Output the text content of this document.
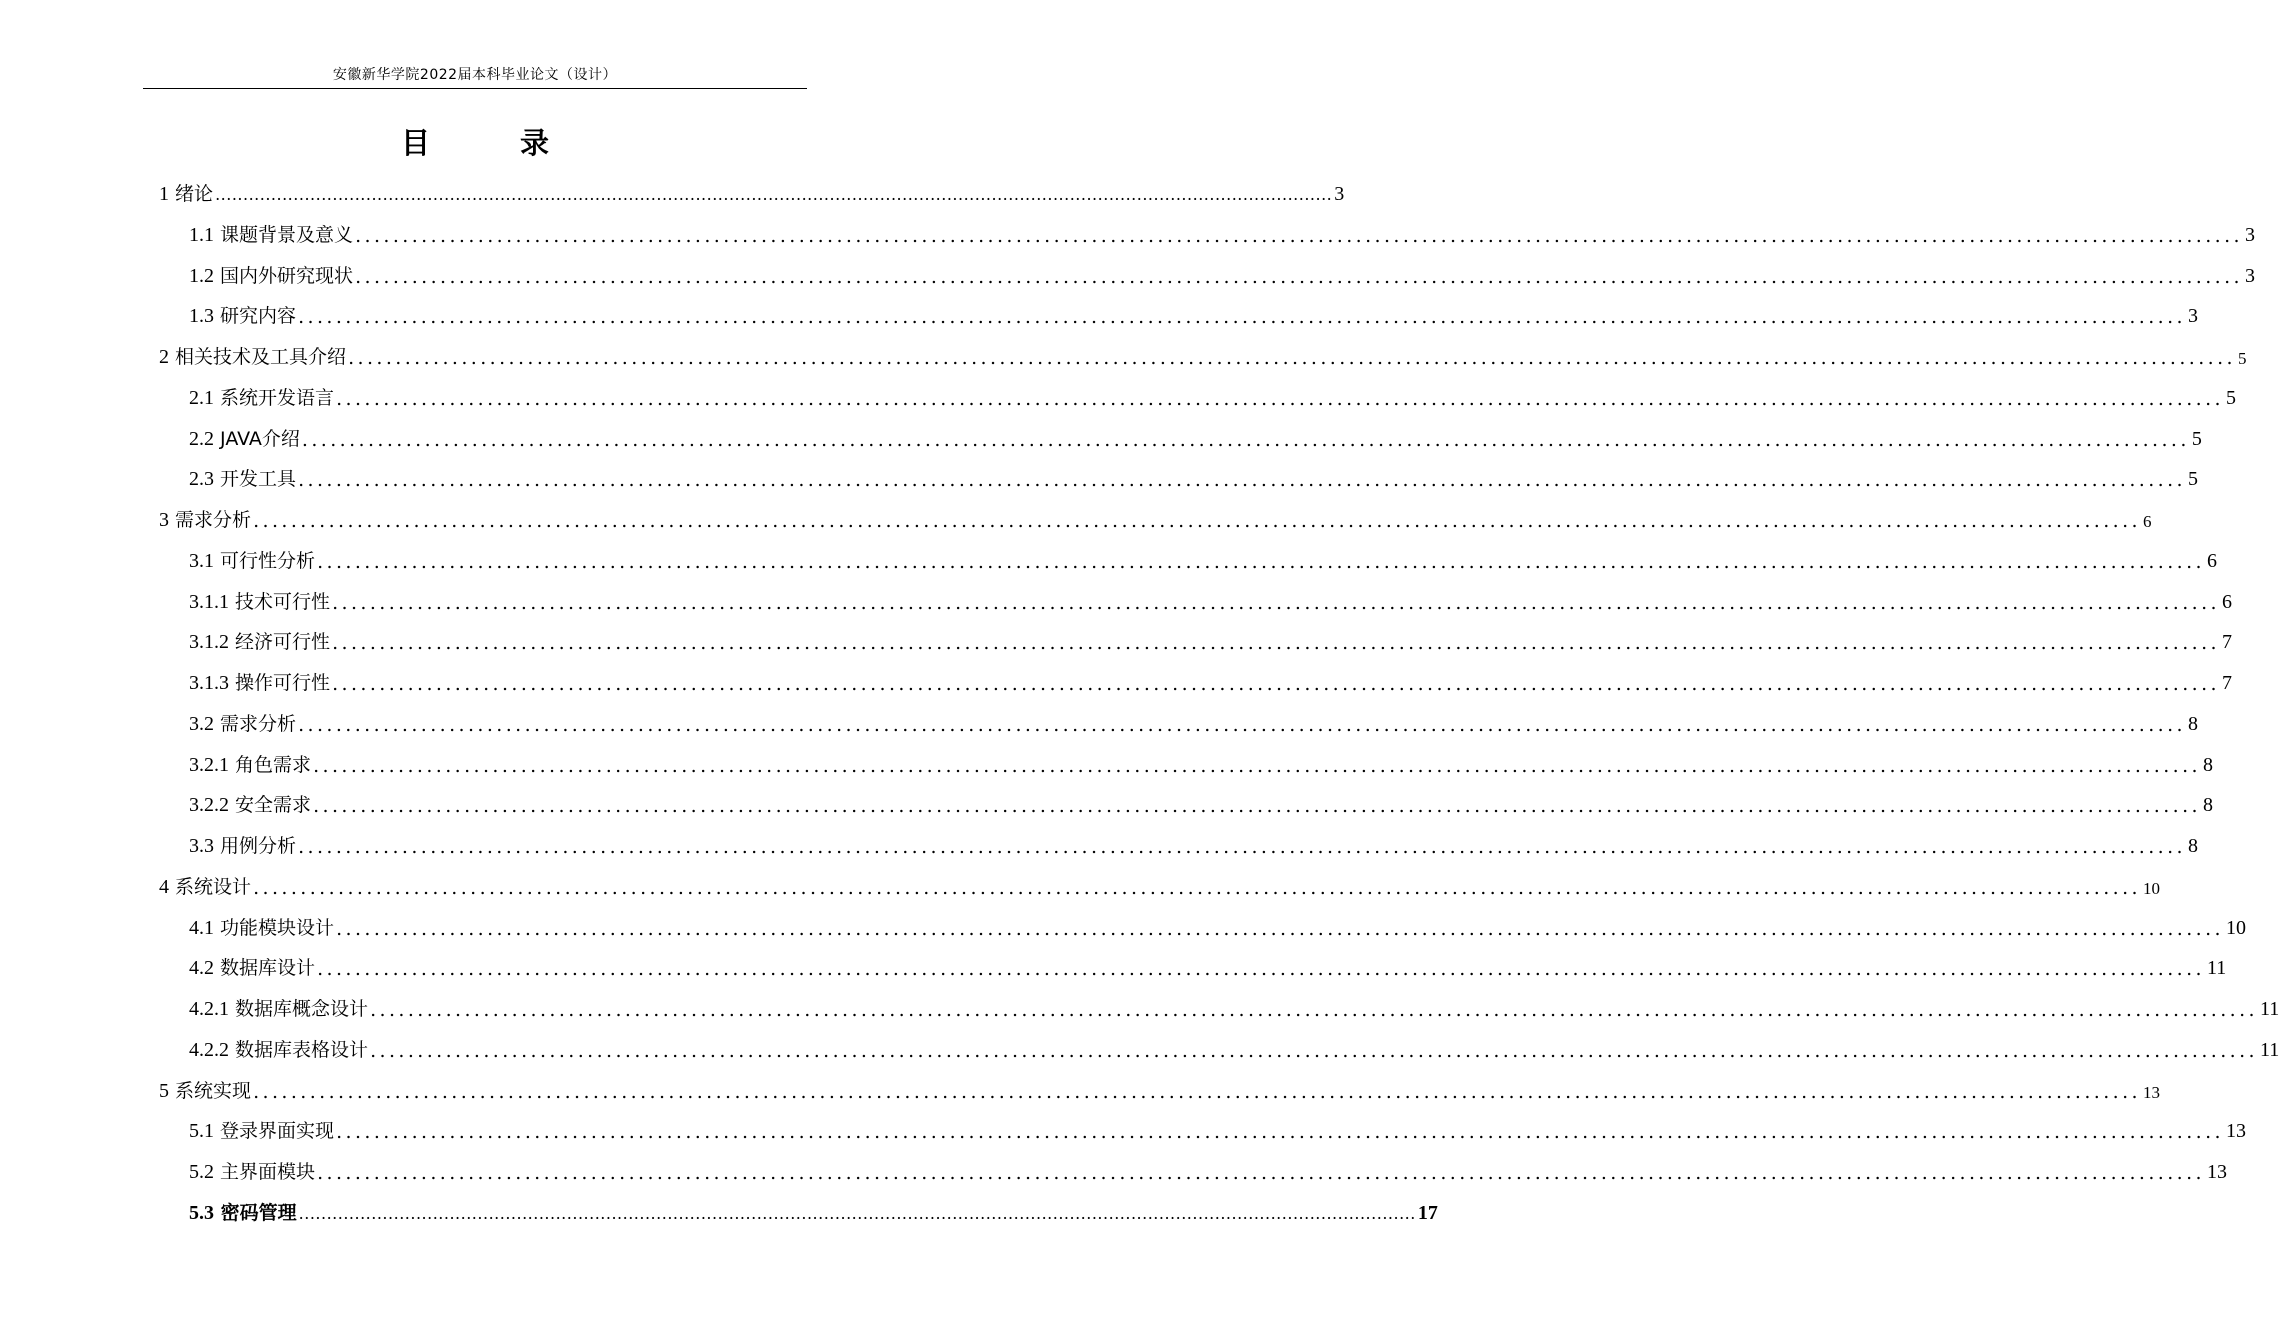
安徽新华学院2022届本科毕业论文（设计）
目 录
1 绪论 ........................................................................................................................................................................................................ 3
1.1 课题背景及意义 ........................................................................................................................................................................................................ 3
1.2 国内外研究现状 ........................................................................................................................................................................................................ 3
1.3 研究内容 ........................................................................................................................................................................................................ 3
2 相关技术及工具介绍 ........................................................................................................................................................................................................ 5
2.1 系统开发语言 ........................................................................................................................................................................................................ 5
2.2 JAVA介绍 ........................................................................................................................................................................................................ 5
2.3 开发工具 ........................................................................................................................................................................................................ 5
3 需求分析 ........................................................................................................................................................................................................ 6
3.1 可行性分析 ........................................................................................................................................................................................................ 6
3.1.1 技术可行性 ........................................................................................................................................................................................................ 6
3.1.2 经济可行性 ........................................................................................................................................................................................................ 7
3.1.3 操作可行性 ........................................................................................................................................................................................................ 7
3.2 需求分析 ........................................................................................................................................................................................................ 8
3.2.1 角色需求 ........................................................................................................................................................................................................ 8
3.2.2 安全需求 ........................................................................................................................................................................................................ 8
3.3 用例分析 ........................................................................................................................................................................................................ 8
4 系统设计 ........................................................................................................................................................................................................ 10
4.1 功能模块设计 ........................................................................................................................................................................................................ 10
4.2 数据库设计 ........................................................................................................................................................................................................ 11
4.2.1 数据库概念设计 ........................................................................................................................................................................................................ 11
4.2.2 数据库表格设计 ........................................................................................................................................................................................................ 11
5 系统实现 ........................................................................................................................................................................................................ 13
5.1 登录界面实现 ........................................................................................................................................................................................................ 13
5.2 主界面模块 ........................................................................................................................................................................................................ 13
5.3 密码管理 ........................................................................................................................................................................................................ 17
